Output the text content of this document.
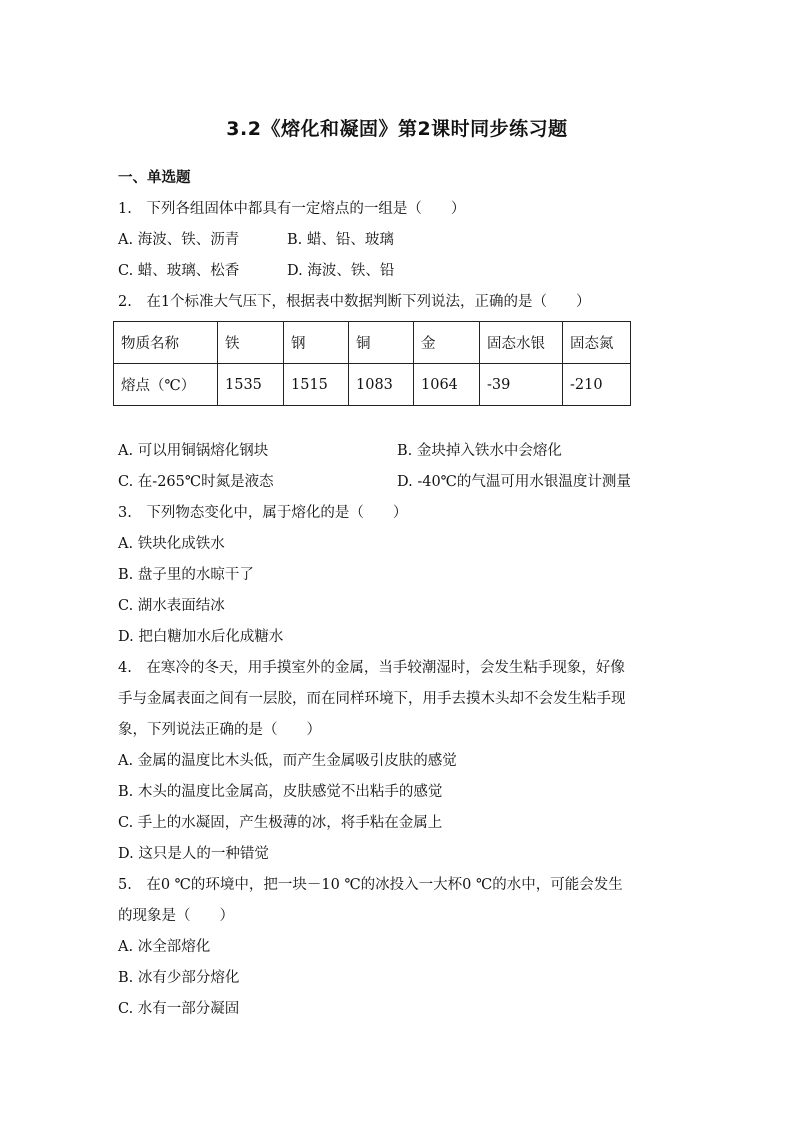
3.2《熔化和凝固》第2课时同步练习题
一、单选题
1.　下列各组固体中都具有一定熔点的一组是（　　）
A. 海波、铁、沥青	B. 蜡、铅、玻璃
C. 蜡、玻璃、松香	D. 海波、铁、铅
2.　在1个标准大气压下，根据表中数据判断下列说法，正确的是（　　）
物质名称	铁	钢	铜	金	固态水银	固态氮
熔点（℃）	1535	1515	1083	1064	-39	-210
A. 可以用铜锅熔化钢块	B. 金块掉入铁水中会熔化
C. 在-265℃时氮是液态	D. -40℃的气温可用水银温度计测量
3.　下列物态变化中，属于熔化的是（　　）
A. 铁块化成铁水
B. 盘子里的水晾干了
C. 湖水表面结冰
D. 把白糖加水后化成糖水
4.　在寒冷的冬天，用手摸室外的金属，当手较潮湿时，会发生粘手现象，好像
手与金属表面之间有一层胶，而在同样环境下，用手去摸木头却不会发生粘手现
象，下列说法正确的是（　　）
A. 金属的温度比木头低，而产生金属吸引皮肤的感觉
B. 木头的温度比金属高，皮肤感觉不出粘手的感觉
C. 手上的水凝固，产生极薄的冰，将手粘在金属上
D. 这只是人的一种错觉
5.　在0 ℃的环境中，把一块－10 ℃的冰投入一大杯0 ℃的水中，可能会发生
的现象是（　　）
A. 冰全部熔化
B. 冰有少部分熔化
C. 水有一部分凝固
